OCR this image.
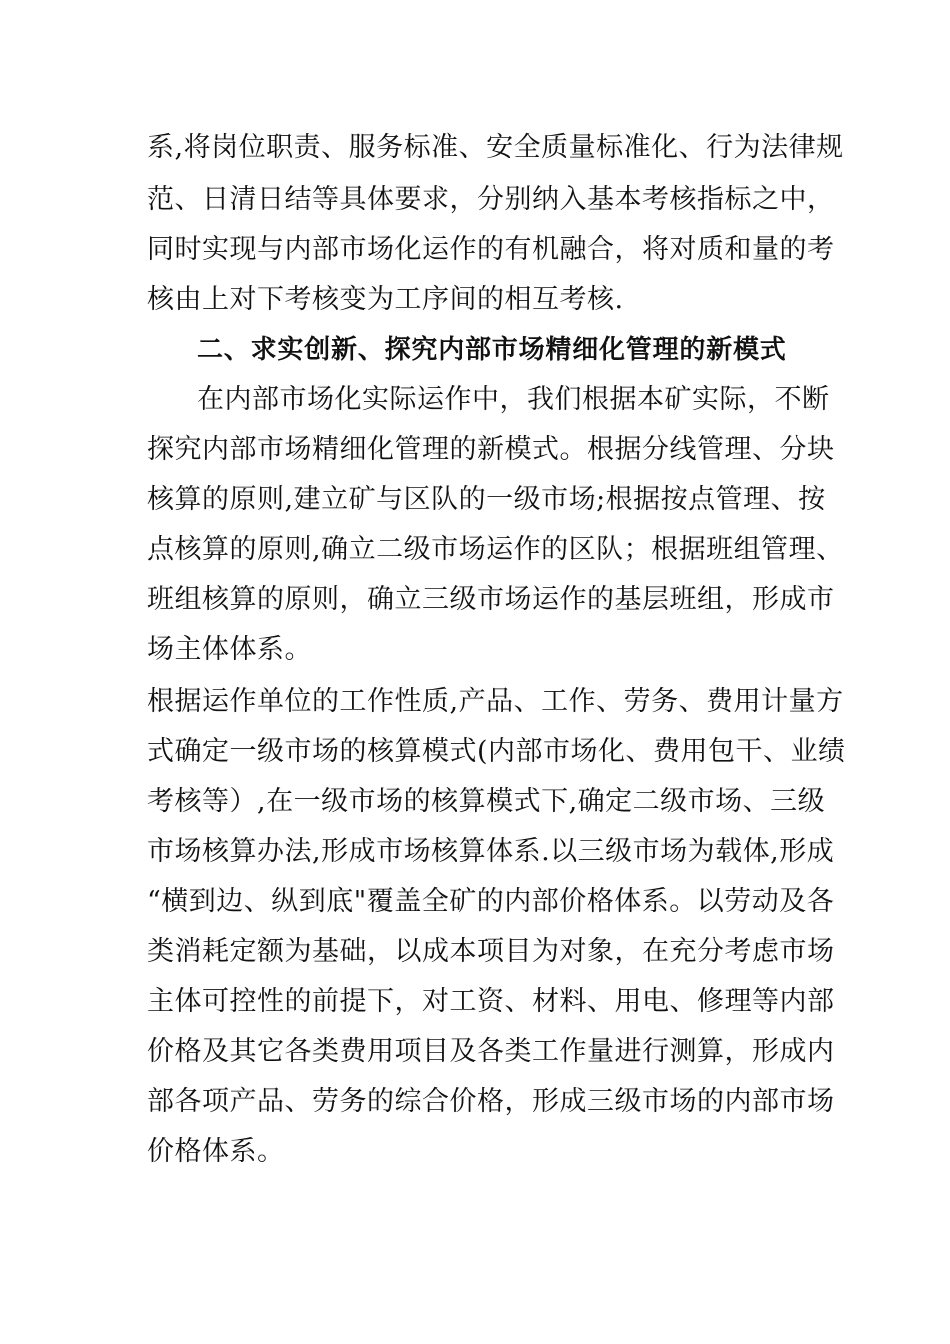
系,将岗位职责、服务标准、安全质量标准化、行为法律规
范、日清日结等具体要求，分别纳入基本考核指标之中，
同时实现与内部市场化运作的有机融合，将对质和量的考
核由上对下考核变为工序间的相互考核.
二、求实创新、探究内部市场精细化管理的新模式
在内部市场化实际运作中，我们根据本矿实际，不断
探究内部市场精细化管理的新模式。根据分线管理、分块
核算的原则,建立矿与区队的一级市场;根据按点管理、按
点核算的原则,确立二级市场运作的区队；根据班组管理、
班组核算的原则，确立三级市场运作的基层班组，形成市
场主体体系。
根据运作单位的工作性质,产品、工作、劳务、费用计量方
式确定一级市场的核算模式(内部市场化、费用包干、业绩
考核等）,在一级市场的核算模式下,确定二级市场、三级
市场核算办法,形成市场核算体系.以三级市场为载体,形成
“横到边、纵到底"覆盖全矿的内部价格体系。以劳动及各
类消耗定额为基础，以成本项目为对象，在充分考虑市场
主体可控性的前提下，对工资、材料、用电、修理等内部
价格及其它各类费用项目及各类工作量进行测算，形成内
部各项产品、劳务的综合价格，形成三级市场的内部市场
价格体系。
